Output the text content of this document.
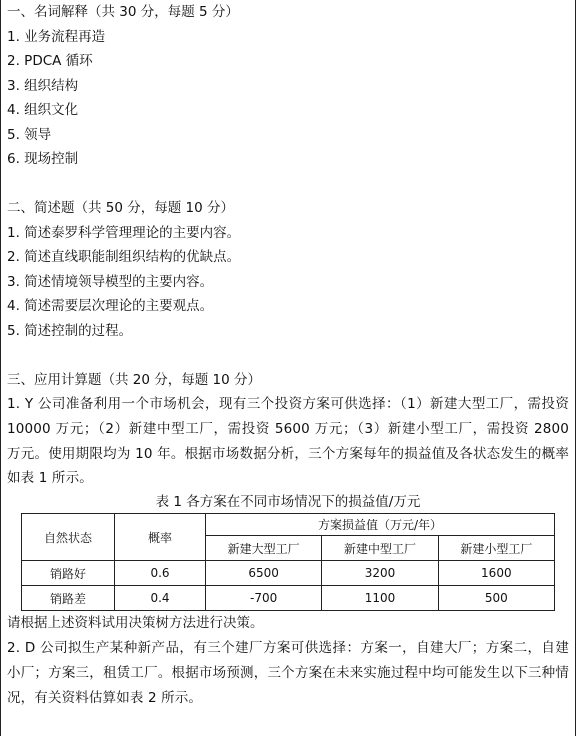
一、名词解释（共 30 分，每题 5 分）
1. 业务流程再造
2. PDCA 循环
3. 组织结构
4. 组织文化
5. 领导
6. 现场控制
二、简述题（共 50 分，每题 10 分）
1. 简述泰罗科学管理理论的主要内容。
2. 简述直线职能制组织结构的优缺点。
3. 简述情境领导模型的主要内容。
4. 简述需要层次理论的主要观点。
5. 简述控制的过程。
三、应用计算题（共 20 分，每题 10 分）
1. Y 公司准备利用一个市场机会，现有三个投资方案可供选择：（1）新建大型工厂，需投资 10000 万元；（2）新建中型工厂，需投资 5600 万元；（3）新建小型工厂，需投资 2800 万元。使用期限均为 10 年。根据市场数据分析，三个方案每年的损益值及各状态发生的概率如表 1 所示。
表 1 各方案在不同市场情况下的损益值/万元
自然状态	概率	方案损益值（万元/年）		
		新建大型工厂	新建中型工厂	新建小型工厂
销路好	0.6	6500	3200	1600
销路差	0.4	-700	1100	500
请根据上述资料试用决策树方法进行决策。
2. D 公司拟生产某种新产品，有三个建厂方案可供选择：方案一，自建大厂；方案二，自建小厂；方案三，租赁工厂。根据市场预测，三个方案在未来实施过程中均可能发生以下三种情况，有关资料估算如表 2 所示。
